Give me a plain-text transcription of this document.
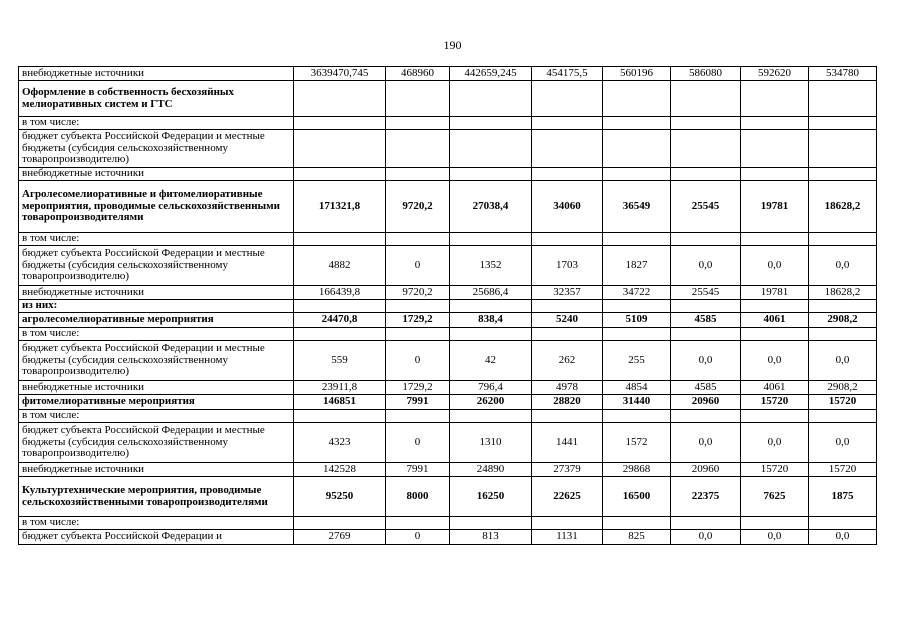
190
внебюджетные источники	3639470,745	468960	442659,245	454175,5	560196	586080	592620	534780
Оформление в собственность бесхозяйных мелиоративных систем и ГТС								
в том числе:								
бюджет субъекта Российской Федерации и местные бюджеты (субсидия сельскохозяйственному товаропроизводителю)								
внебюджетные источники								
Агролесомелиоративные и фитомелиоративные мероприятия, проводимые сельскохозяйственными товаропроизводителями	171321,8	9720,2	27038,4	34060	36549	25545	19781	18628,2
в том числе:								
бюджет субъекта Российской Федерации и местные бюджеты (субсидия сельскохозяйственному товаропроизводителю)	4882	0	1352	1703	1827	0,0	0,0	0,0
внебюджетные источники	166439,8	9720,2	25686,4	32357	34722	25545	19781	18628,2
из них:								
агролесомелиоративные мероприятия	24470,8	1729,2	838,4	5240	5109	4585	4061	2908,2
в том числе:								
бюджет субъекта Российской Федерации и местные бюджеты (субсидия сельскохозяйственному товаропроизводителю)	559	0	42	262	255	0,0	0,0	0,0
внебюджетные источники	23911,8	1729,2	796,4	4978	4854	4585	4061	2908,2
фитомелиоративные мероприятия	146851	7991	26200	28820	31440	20960	15720	15720
в том числе:								
бюджет субъекта Российской Федерации и местные бюджеты (субсидия сельскохозяйственному товаропроизводителю)	4323	0	1310	1441	1572	0,0	0,0	0,0
внебюджетные источники	142528	7991	24890	27379	29868	20960	15720	15720
Культуртехнические мероприятия, проводимые сельскохозяйственными товаропроизводителями	95250	8000	16250	22625	16500	22375	7625	1875
в том числе:								
бюджет субъекта Российской Федерации и	2769	0	813	1131	825	0,0	0,0	0,0
